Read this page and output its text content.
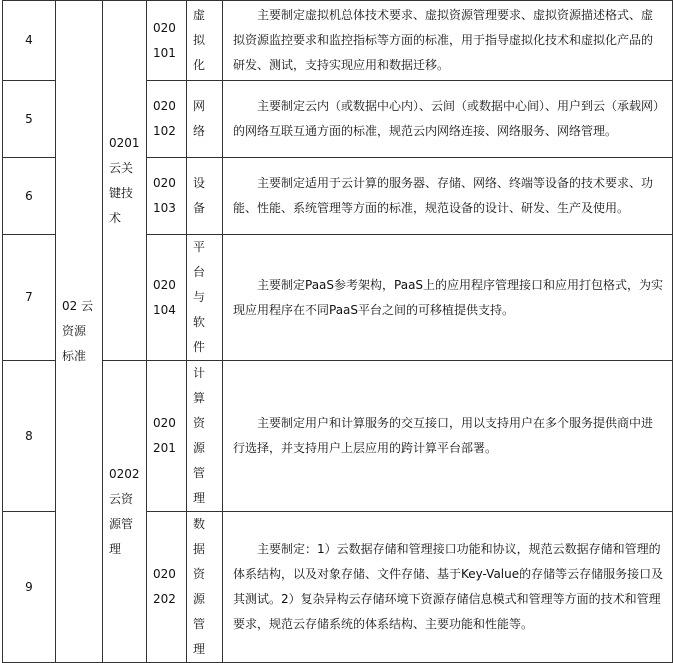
4	02 云资源标准	0201云关键技术	020101	虚拟化	主要制定虚拟机总体技术要求、虚拟资源管理要求、虚拟资源描述格式、虚拟资源监控要求和监控指标等方面的标准，用于指导虚拟化技术和虚拟化产品的研发、测试，支持实现应用和数据迁移。
5			020102	网络	主要制定云内（或数据中心内）、云间（或数据中心间）、用户到云（承载网）的网络互联互通方面的标准，规范云内网络连接、网络服务、网络管理。
6			020103	设备	主要制定适用于云计算的服务器、存储、网络、终端等设备的技术要求、功能、性能、系统管理等方面的标准，规范设备的设计、研发、生产及使用。
7			020104	平台与软件	主要制定PaaS参考架构，PaaS上的应用程序管理接口和应用打包格式，为实现应用程序在不同PaaS平台之间的可移植提供支持。
8		0202云资源管理	020201	计算资源管理	主要制定用户和计算服务的交互接口，用以支持用户在多个服务提供商中进行选择，并支持用户上层应用的跨计算平台部署。
9			020202	数据资源管理	主要制定：1）云数据存储和管理接口功能和协议，规范云数据存储和管理的体系结构，以及对象存储、文件存储、基于Key-Value的存储等云存储服务接口及其测试。2）复杂异构云存储环境下资源存储信息模式和管理等方面的技术和管理要求，规范云存储系统的体系结构、主要功能和性能等。
